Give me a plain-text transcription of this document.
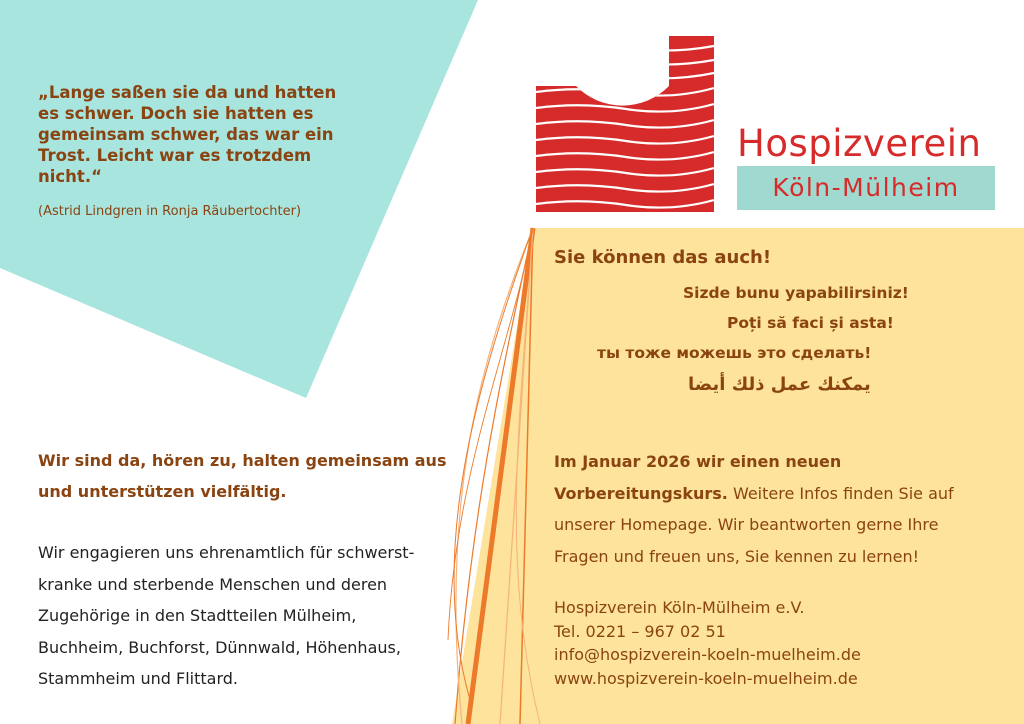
„Lange saßen sie da und hatten
es schwer. Doch sie hatten es
gemeinsam schwer, das war ein
Trost. Leicht war es trotzdem
nicht.“

(Astrid Lindgren in Ronja Räubertochter)
Hospizverein
Köln-Mülheim
Sie können das auch!
Sizde bunu yapabilirsiniz!
Poți să faci și asta!
ты тоже можешь это сделать!
يمكنك عمل ذلك أيضا

Im Januar 2026 wir einen neuen Vorbereitungskurs. Weitere Infos finden Sie auf unserer Homepage. Wir beantworten gerne Ihre Fragen und freuen uns, Sie kennen zu lernen!

Hospizverein Köln-Mülheim e.V.
Tel. 0221 – 967 02 51
info@hospizverein-koeln-muelheim.de
www.hospizverein-koeln-muelheim.de

Wir sind da, hören zu, halten gemeinsam aus und unterstützen vielfältig.

Wir engagieren uns ehrenamtlich für schwerst-
kranke und sterbende Menschen und deren
Zugehörige in den Stadtteilen Mülheim,
Buchheim, Buchforst, Dünnwald, Höhenhaus,
Stammheim und Flittard.
